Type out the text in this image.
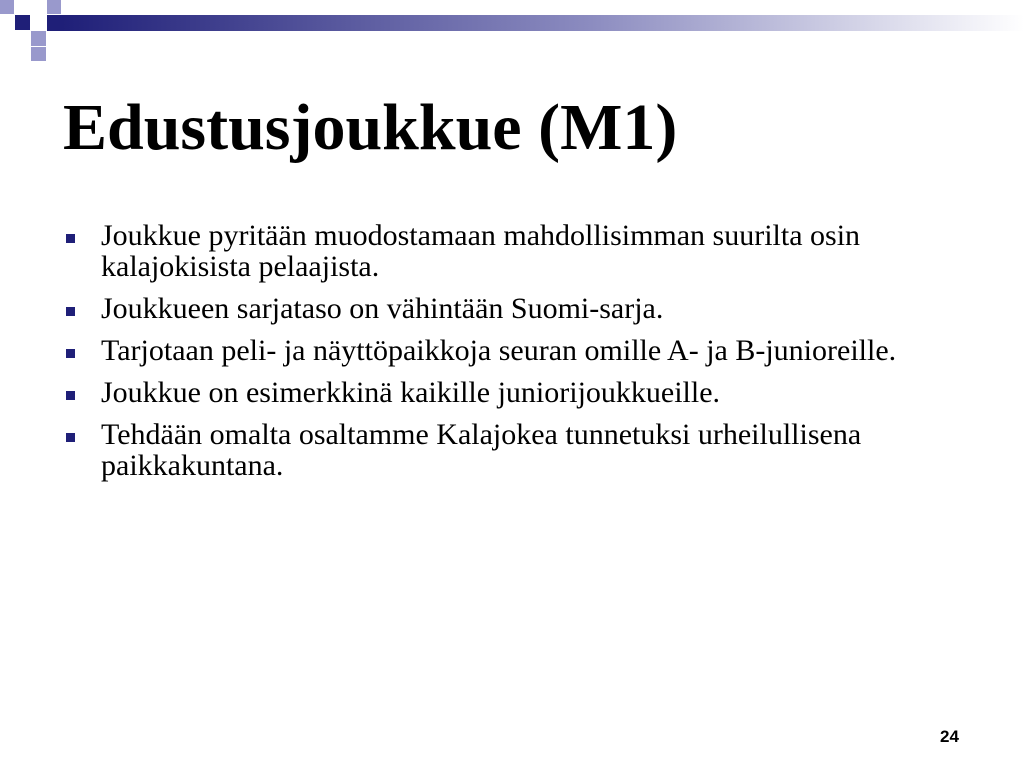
Edustusjoukkue (M1)
Joukkue pyritään muodostamaan mahdollisimman suurilta osin kalajokisista pelaajista.
Joukkueen sarjataso on vähintään Suomi-sarja.
Tarjotaan peli- ja näyttöpaikkoja seuran omille A- ja B-junioreille.
Joukkue on esimerkkinä kaikille juniorijoukkueille.
Tehdään omalta osaltamme Kalajokea tunnetuksi urheilullisena paikkakuntana.
24
